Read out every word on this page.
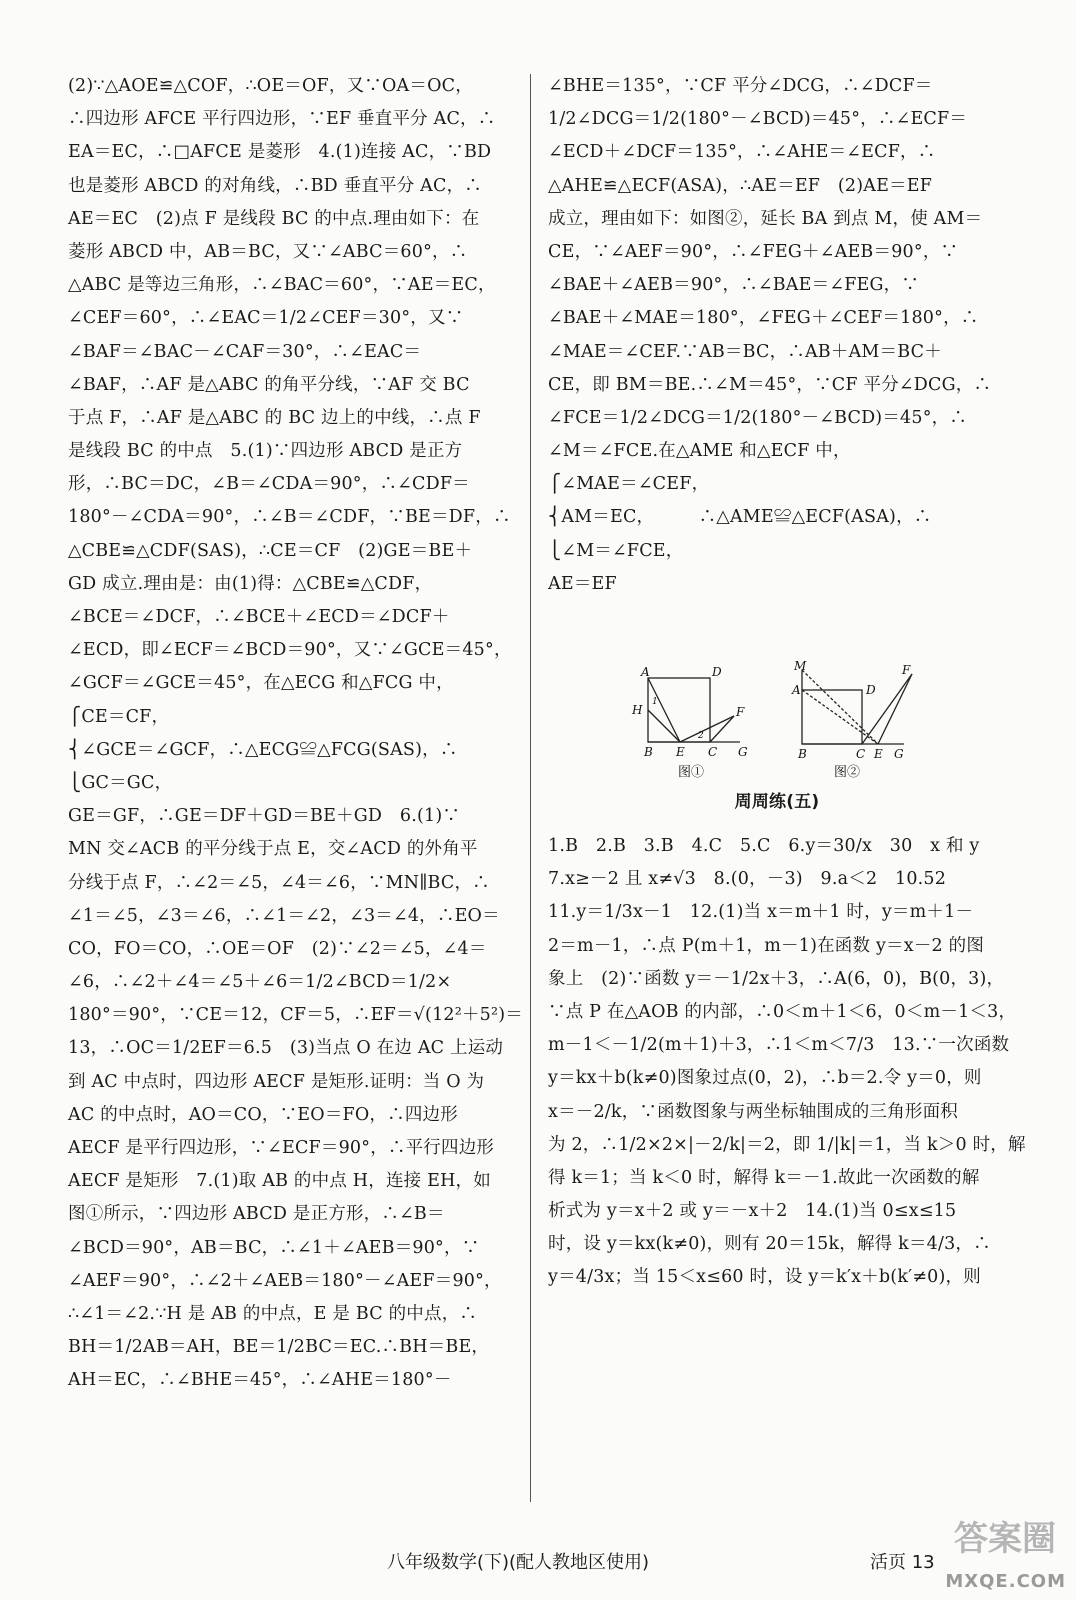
(2)∵△AOE≌△COF，∴OE＝OF，又∵OA＝OC，
∴四边形 AFCE 平行四边形，∵EF 垂直平分 AC，∴
EA＝EC，∴□AFCE 是菱形　4.(1)连接 AC，∵BD
也是菱形 ABCD 的对角线，∴BD 垂直平分 AC，∴
AE＝EC　(2)点 F 是线段 BC 的中点.理由如下：在
菱形 ABCD 中，AB＝BC，又∵∠ABC＝60°，∴
△ABC 是等边三角形，∴∠BAC＝60°，∵AE＝EC，
∠CEF＝60°，∴∠EAC＝1/2∠CEF＝30°，又∵
∠BAF＝∠BAC－∠CAF＝30°，∴∠EAC＝
∠BAF，∴AF 是△ABC 的角平分线，∵AF 交 BC
于点 F，∴AF 是△ABC 的 BC 边上的中线，∴点 F
是线段 BC 的中点　5.(1)∵四边形 ABCD 是正方
形，∴BC＝DC，∠B＝∠CDA＝90°，∴∠CDF＝
180°－∠CDA＝90°，∴∠B＝∠CDF，∵BE＝DF，∴
△CBE≌△CDF(SAS)，∴CE＝CF　(2)GE＝BE＋
GD 成立.理由是：由(1)得：△CBE≌△CDF，
∠BCE＝∠DCF，∴∠BCE＋∠ECD＝∠DCF＋
∠ECD，即∠ECF＝∠BCD＝90°，又∵∠GCE＝45°，
∠GCF＝∠GCE＝45°，在△ECG 和△FCG 中，
⎧CE＝CF，
⎨∠GCE＝∠GCF，∴△ECG≌△FCG(SAS)，∴
⎩GC＝GC，
GE＝GF，∴GE＝DF＋GD＝BE＋GD　6.(1)∵
MN 交∠ACB 的平分线于点 E，交∠ACD 的外角平
分线于点 F，∴∠2＝∠5，∠4＝∠6，∵MN∥BC，∴
∠1＝∠5，∠3＝∠6，∴∠1＝∠2，∠3＝∠4，∴EO＝
CO，FO＝CO，∴OE＝OF　(2)∵∠2＝∠5，∠4＝
∠6，∴∠2＋∠4＝∠5＋∠6＝1/2∠BCD＝1/2×
180°＝90°，∵CE＝12，CF＝5，∴EF＝√(12²＋5²)＝
13，∴OC＝1/2EF＝6.5　(3)当点 O 在边 AC 上运动
到 AC 中点时，四边形 AECF 是矩形.证明：当 O 为
AC 的中点时，AO＝CO，∵EO＝FO，∴四边形
AECF 是平行四边形，∵∠ECF＝90°，∴平行四边形
AECF 是矩形　7.(1)取 AB 的中点 H，连接 EH，如
图①所示，∵四边形 ABCD 是正方形，∴∠B＝
∠BCD＝90°，AB＝BC，∴∠1＋∠AEB＝90°，∵
∠AEF＝90°，∴∠2＋∠AEB＝180°－∠AEF＝90°，
∴∠1＝∠2.∵H 是 AB 的中点，E 是 BC 的中点，∴
BH＝1/2AB＝AH，BE＝1/2BC＝EC.∴BH＝BE，
AH＝EC，∴∠BHE＝45°，∴∠AHE＝180°－
∠BHE＝135°，∵CF 平分∠DCG，∴∠DCF＝
1/2∠DCG＝1/2(180°－∠BCD)＝45°，∴∠ECF＝
∠ECD＋∠DCF＝135°，∴∠AHE＝∠ECF，∴
△AHE≌△ECF(ASA)，∴AE＝EF　(2)AE＝EF
成立，理由如下：如图②，延长 BA 到点 M，使 AM＝
CE，∵∠AEF＝90°，∴∠FEG＋∠AEB＝90°，∵
∠BAE＋∠AEB＝90°，∴∠BAE＝∠FEG，∵
∠BAE＋∠MAE＝180°，∠FEG＋∠CEF＝180°，∴
∠MAE＝∠CEF.∵AB＝BC，∴AB＋AM＝BC＋
CE，即 BM＝BE.∴∠M＝45°，∵CF 平分∠DCG，∴
∠FCE＝1/2∠DCG＝1/2(180°－∠BCD)＝45°，∴
∠M＝∠FCE.在△AME 和△ECF 中，
⎧∠MAE＝∠CEF，
⎨AM＝EC，　　　∴△AME≌△ECF(ASA)，∴
⎩∠M＝∠FCE，
AE＝EF
A	D
H
1
2
F
B E C G
M
A	D
F
B	C E G
图①	图②
周周练(五)
1.B　2.B　3.B　4.C　5.C　6.y＝30/x　30　x 和 y
7.x≥－2 且 x≠√3　8.(0，－3)　9.a＜2　10.52
11.y＝1/3x－1　12.(1)当 x＝m＋1 时，y＝m＋1－
2＝m－1，∴点 P(m＋1，m－1)在函数 y＝x－2 的图
象上　(2)∵函数 y＝－1/2x＋3，∴A(6，0)，B(0，3)，
∵点 P 在△AOB 的内部，∴0＜m＋1＜6，0＜m－1＜3，
m－1＜－1/2(m＋1)＋3，∴1＜m＜7/3　13.∵一次函数
y＝kx＋b(k≠0)图象过点(0，2)，∴b＝2.令 y＝0，则
x＝－2/k，∵函数图象与两坐标轴围成的三角形面积
为 2，∴1/2×2×|－2/k|＝2，即 1/|k|＝1，当 k＞0 时，解
得 k＝1；当 k＜0 时，解得 k＝－1.故此一次函数的解
析式为 y＝x＋2 或 y＝－x＋2　14.(1)当 0≤x≤15
时，设 y＝kx(k≠0)，则有 20＝15k，解得 k＝4/3，∴
y＝4/3x；当 15＜x≤60 时，设 y＝k′x＋b(k′≠0)，则
八年级数学(下)(配人教地区使用)	活页 13
答案圈
MXQE.COM
